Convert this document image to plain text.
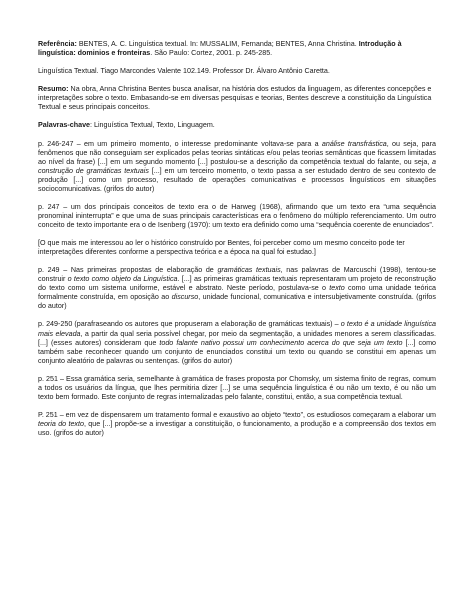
Referência: BENTES, A. C. Linguística textual. In: MUSSALIM, Fernanda; BENTES, Anna Christina. Introdução à linguística: dominios e fronteiras. São Paulo: Cortez, 2001. p. 245-285.

Linguística Textual. Tiago Marcondes Valente 102.149. Professor Dr. Álvaro Antônio Caretta.

Resumo: Na obra, Anna Christina Bentes busca analisar, na história dos estudos da linguagem, as diferentes concepções e interpretações sobre o texto. Embasando-se em diversas pesquisas e teorias, Bentes descreve a constituição da Linguística Textual e seus principais conceitos.

Palavras-chave: Linguística Textual, Texto, Linguagem.

p. 246-247 – em um primeiro momento, o interesse predominante voltava-se para a análise transfrástica, ou seja, para fenômenos que não conseguiam ser explicados pelas teorias sintáticas e/ou pelas teorias semânticas que ficassem limitadas ao nível da frase) [...] em um segundo momento [...] postulou-se a descrição da competência textual do falante, ou seja, a construção de gramáticas textuais [...] em um terceiro momento, o texto passa a ser estudado dentro de seu contexto de produção [...] como um processo, resultado de operações comunicativas e processos linguísticos em situações sociocomunicativas. (grifos do autor)

p. 247 – um dos principais conceitos de texto era o de Harweg (1968), afirmando que um texto era “uma sequência pronominal ininterrupta” e que uma de suas principais características era o fenômeno do múltiplo referenciamento. Um outro conceito de texto importante era o de Isenberg (1970): um texto era definido como uma “sequência coerente de enunciados”.

[O que mais me interessou ao ler o histórico construído por Bentes, foi perceber como um mesmo conceito pode ter interpretações diferentes conforme a perspectiva teórica e a época na qual foi estudao.]

p. 249 – Nas primeiras propostas de elaboração de gramáticas textuais, nas palavras de Marcuschi (1998), tentou-se construir o texto como objeto da Linguística. [...] as primeiras gramáticas textuais representaram um projeto de reconstrução do texto como um sistema uniforme, estável e abstrato. Neste período, postulava-se o texto como uma unidade teórica formalmente construída, em oposição ao discurso, unidade funcional, comunicativa e intersubjetivamente construída. (grifos do autor)

p. 249-250 (parafraseando os autores que propuseram a elaboração de gramáticas textuais) – o texto é a unidade linguística mais elevada, a partir da qual seria possível chegar, por meio da segmentação, a unidades menores a serem classificadas. [...] (esses autores) consideram que todo falante nativo possui um conhecimento acerca do que seja um texto [...] como também sabe reconhecer quando um conjunto de enunciados constitui um texto ou quando se constitui em apenas um conjunto aleatório de palavras ou sentenças. (grifos do autor)

p. 251 – Essa gramática seria, semelhante à gramática de frases proposta por Chomsky, um sistema finito de regras, comum a todos os usuários da língua, que lhes permitiria dizer [...] se uma sequência linguística é ou não um texto, é ou não um texto bem formado. Este conjunto de regras internalizadas pelo falante, constitui, então, a sua competência textual.

P. 251 – em vez de dispensarem um tratamento formal e exaustivo ao objeto “texto”, os estudiosos começaram a elaborar um teoria do texto, que [...] propõe-se a investigar a constituição, o funcionamento, a produção e a compreensão dos textos em uso. (grifos do autor)
